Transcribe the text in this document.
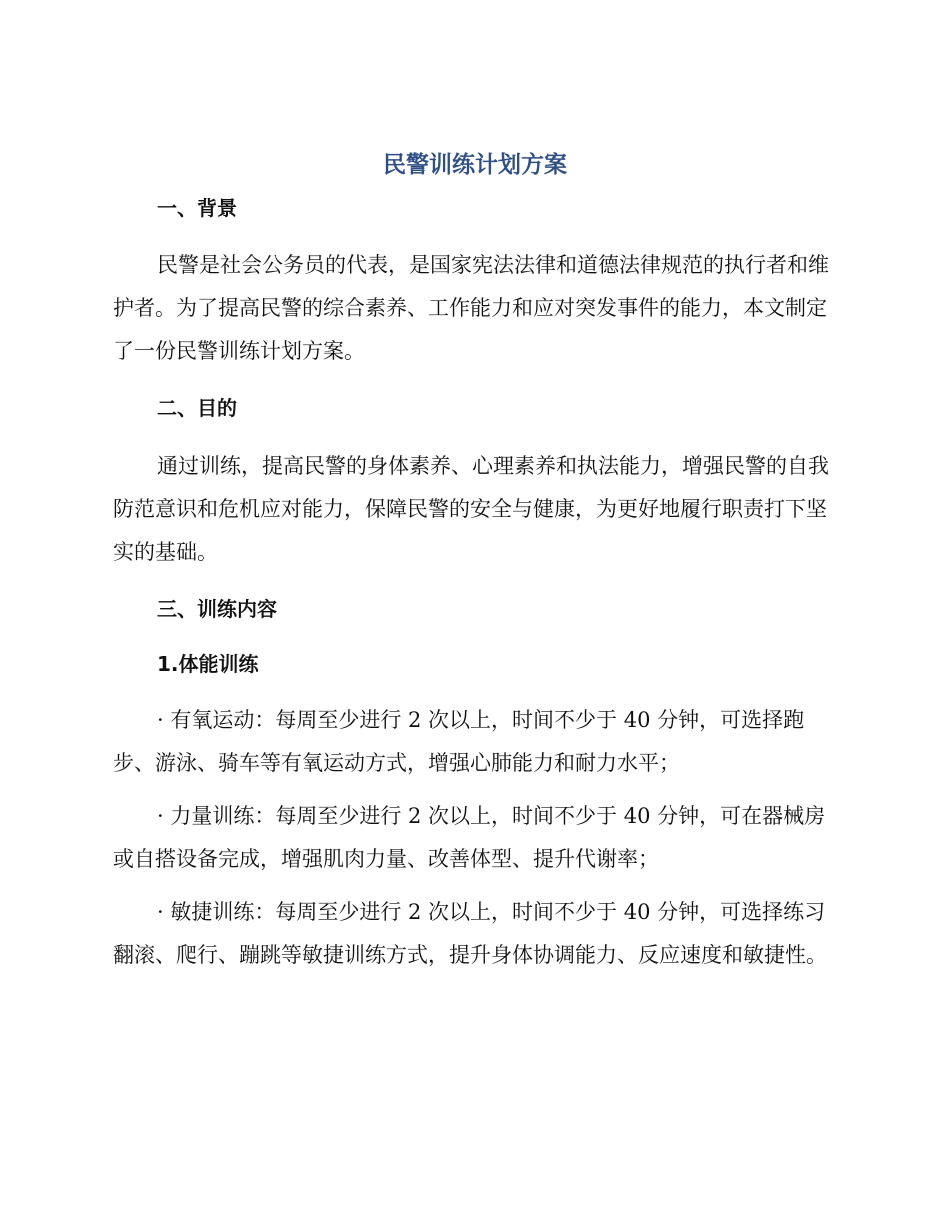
民警训练计划方案
一、背景

民警是社会公务员的代表，是国家宪法法律和道德法律规范的执行者和维护者。为了提高民警的综合素养、工作能力和应对突发事件的能力，本文制定了一份民警训练计划方案。

二、目的

通过训练，提高民警的身体素养、心理素养和执法能力，增强民警的自我防范意识和危机应对能力，保障民警的安全与健康，为更好地履行职责打下坚实的基础。

三、训练内容
1.体能训练

· 有氧运动：每周至少进行 2 次以上，时间不少于 40 分钟，可选择跑步、游泳、骑车等有氧运动方式，增强心肺能力和耐力水平；

· 力量训练：每周至少进行 2 次以上，时间不少于 40 分钟，可在器械房或自搭设备完成，增强肌肉力量、改善体型、提升代谢率；

· 敏捷训练：每周至少进行 2 次以上，时间不少于 40 分钟，可选择练习翻滚、爬行、蹦跳等敏捷训练方式，提升身体协调能力、反应速度和敏捷性。
